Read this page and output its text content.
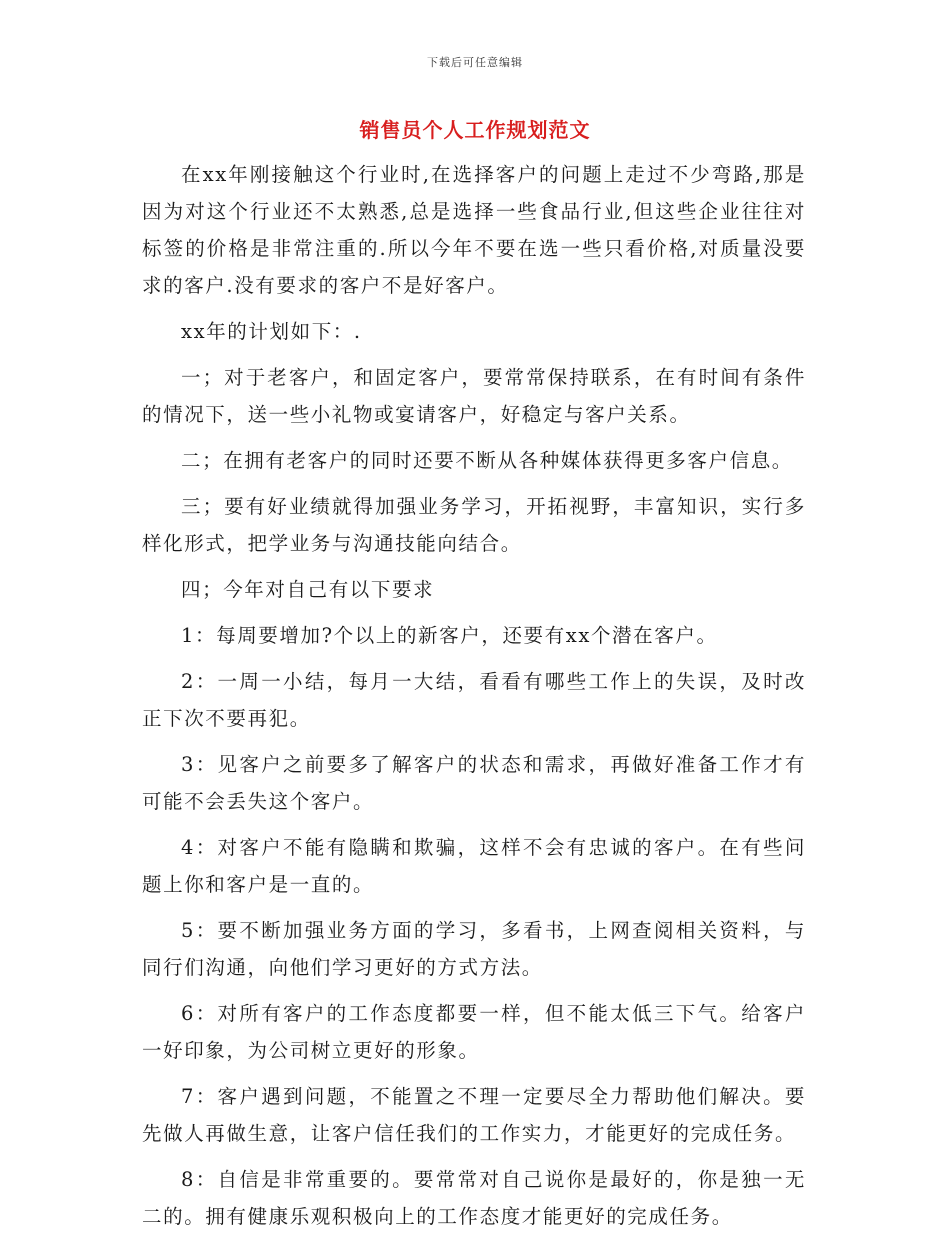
下载后可任意编辑
销售员个人工作规划范文

在xx年刚接触这个行业时,在选择客户的问题上走过不少弯路,那是因为对这个行业还不太熟悉,总是选择一些食品行业,但这些企业往往对标签的价格是非常注重的.所以今年不要在选一些只看价格,对质量没要求的客户.没有要求的客户不是好客户。

xx年的计划如下：.

一；对于老客户，和固定客户，要常常保持联系，在有时间有条件的情况下，送一些小礼物或宴请客户，好稳定与客户关系。

二；在拥有老客户的同时还要不断从各种媒体获得更多客户信息。

三；要有好业绩就得加强业务学习，开拓视野，丰富知识，实行多样化形式，把学业务与沟通技能向结合。

四；今年对自己有以下要求

1：每周要增加?个以上的新客户，还要有xx个潜在客户。

2：一周一小结，每月一大结，看看有哪些工作上的失误，及时改正下次不要再犯。

3：见客户之前要多了解客户的状态和需求，再做好准备工作才有可能不会丢失这个客户。

4：对客户不能有隐瞒和欺骗，这样不会有忠诚的客户。在有些问题上你和客户是一直的。

5：要不断加强业务方面的学习，多看书，上网查阅相关资料，与同行们沟通，向他们学习更好的方式方法。

6：对所有客户的工作态度都要一样，但不能太低三下气。给客户一好印象，为公司树立更好的形象。

7：客户遇到问题，不能置之不理一定要尽全力帮助他们解决。要先做人再做生意，让客户信任我们的工作实力，才能更好的完成任务。

8：自信是非常重要的。要常常对自己说你是最好的，你是独一无二的。拥有健康乐观积极向上的工作态度才能更好的完成任务。
